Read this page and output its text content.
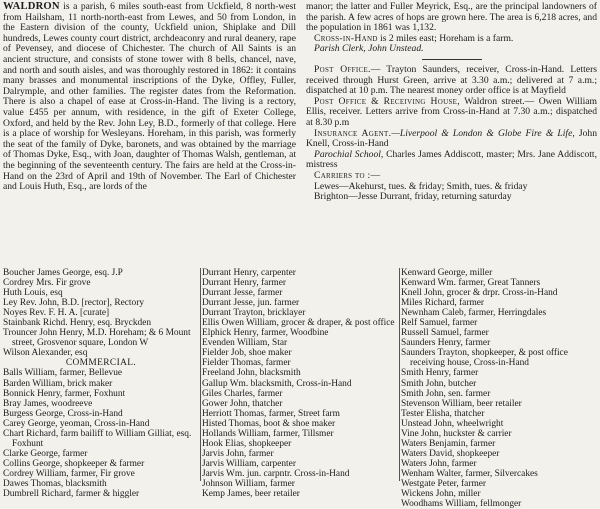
WALDRON is a parish, 6 miles south-east from Uckfield, 8 north-west from Hailsham, 11 north-north-east from Lewes, and 50 from London, in the Eastern division of the county, Uckfield union, Shiplake and Dill hundreds, Lewes county court district, archdeaconry and rural deanery, rape of Pevensey, and diocese of Chichester. The church of All Saints is an ancient structure, and consists of stone tower with 8 bells, chancel, nave, and north and south aisles, and was thoroughly restored in 1862: it contains many brasses and monumental inscriptions of the Dyke, Offley, Fuller, Dalrymple, and other families. The register dates from the Reformation. There is also a chapel of ease at Cross-in-Hand. The living is a rectory, value £455 per annum, with residence, in the gift of Exeter College, Oxford, and held by the Rev. John Ley, B.D., formerly of that college. Here is a place of worship for Wesleyans. Horeham, in this parish, was formerly the seat of the family of Dyke, baronets, and was obtained by the marriage of Thomas Dyke, Esq., with Joan, daughter of Thomas Walsh, gentleman, at the beginning of the seventeenth century. The fairs are held at the Cross-in-Hand on the 23rd of April and 19th of November. The Earl of Chichester and Louis Huth, Esq., are lords of the

manor; the latter and Fuller Meyrick, Esq., are the principal landowners of the parish. A few acres of hops are grown here. The area is 6,218 acres, and the population in 1861 was 1,132.

Cross-in-Hand is 2 miles east; Horeham is a farm.

Parish Clerk, John Unstead.

Post Office.— Trayton Saunders, receiver, Cross-in-Hand. Letters received through Hurst Green, arrive at 3.30 a.m.; delivered at 7 a.m.; dispatched at 10 p.m. The nearest money order office is at Mayfield

Post Office & Receiving House, Waldron street.— Owen William Ellis, receiver. Letters arrive from Cross-in-Hand at 7.30 a.m.; dispatched at 8.30 p.m

Insurance Agent.—Liverpool & London & Globe Fire & Life, John Knell, Cross-in-Hand

Parochial School, Charles James Addiscott, master; Mrs. Jane Addiscott, mistress

Carriers to :—

Lewes—Akehurst, tues. & friday; Smith, tues. & friday

Brighton—Jesse Durrant, friday, returning saturday

Boucher James George, esq. J.P
Cordrey Mrs. Fir grove
Huth Louis, esq
Ley Rev. John, B.D. [rector], Rectory
Noyes Rev. F. H. A. [curate]
Stainbank Richd. Henry, esq. Bryckden
Trouncer John Henry, M.D. Horeham; & 6 Mount street, Grosvenor square, London W
Wilson Alexander, esq
COMMERCIAL.
Balls William, farmer, Bellevue
Barden William, brick maker
Bonnick Henry, farmer, Foxhunt
Bray James, woodreeve
Burgess George, Cross-in-Hand
Carey George, yeoman, Cross-in-Hand
Chart Richard, farm bailiff to William Gilliat, esq. Foxhunt
Clarke George, farmer
Collins George, shopkeeper & farmer
Cordrey William, farmer, Fir grove
Dawes Thomas, blacksmith
Dumbrell Richard, farmer & higgler
Durrant Henry, carpenter
Durrant Henry, farmer
Durrant Jesse, farmer
Durrant Jesse, jun. farmer
Durrant Trayton, bricklayer
Ellis Owen William, grocer & draper, & post office
Elphick Henry, farmer, Woodbine
Evenden William, Star
Fielder Job, shoe maker
Fielder Thomas, farmer
Freeland John, blacksmith
Gallup Wm. blacksmith, Cross-in-Hand
Giles Charles, farmer
Gower John, thatcher
Herriott Thomas, farmer, Street farm
Histed Thomas, boot & shoe maker
Hollands William, farmer, Tillsmer
Hook Elias, shopkeeper
Jarvis John, farmer
Jarvis William, carpenter
Jarvis Wm. jun. carpntr. Cross-in-Hand
Johnson William, farmer
Kemp James, beer retailer
Kenward George, miller
Kenward Wm. farmer, Great Tanners
Knell John, grocer & drpr. Cross-in-Hand
Miles Richard, farmer
Newnham Caleb, farmer, Herringdales
Relf Samuel, farmer
Russell Samuel, farmer
Saunders Henry, farmer
Saunders Trayton, shopkeeper, & post office receiving house, Cross-in-Hand
Smith Henry, farmer
Smith John, butcher
Smith John, sen. farmer
Stevenson William, beer retailer
Tester Elisha, thatcher
Unstead John, wheelwright
Vine John, huckster & carrier
Waters Benjamin, farmer
Waters David, shopkeeper
Waters John, farmer
Wenham Walter, farmer, Silvercakes
Westgate Peter, farmer
Wickens John, miller
Woodhams William, fellmonger
